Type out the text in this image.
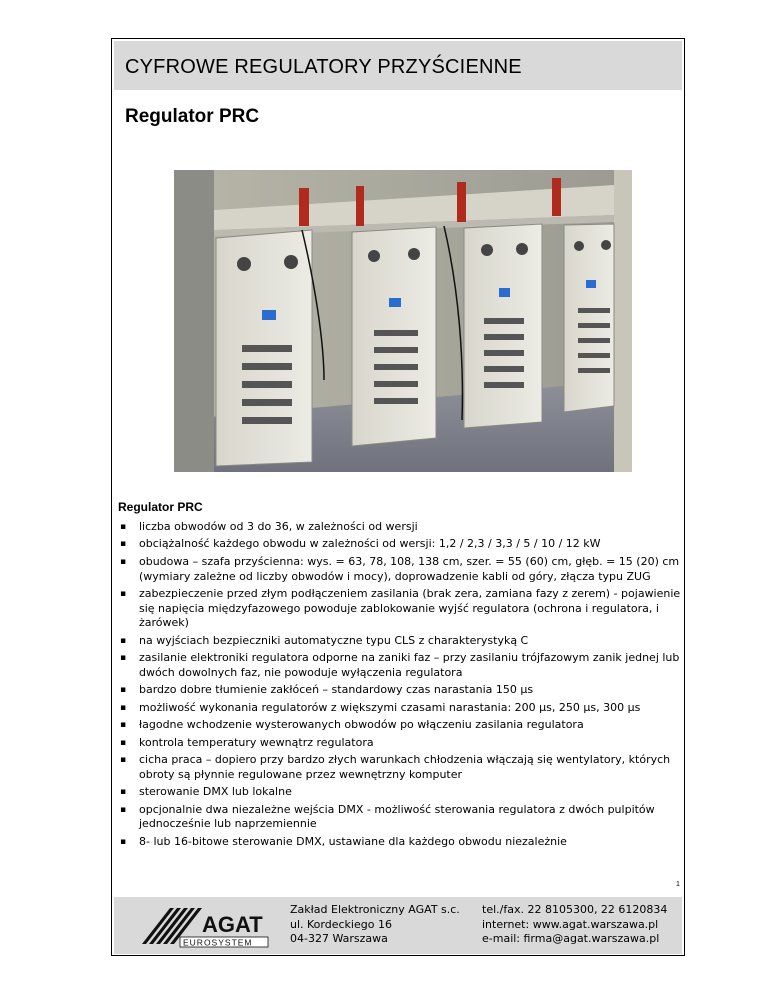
CYFROWE REGULATORY PRZYŚCIENNE
Regulator PRC
Regulator PRC
▪ liczba obwodów od 3 do 36, w zależności od wersji
▪ obciążalność każdego obwodu w zależności od wersji: 1,2 / 2,3 / 3,3 / 5 / 10 / 12 kW
▪ obudowa – szafa przyścienna: wys. = 63, 78, 108, 138 cm, szer. = 55 (60) cm, głęb. = 15 (20) cm (wymiary zależne od liczby obwodów i mocy), doprowadzenie kabli od góry, złącza typu ZUG
▪ zabezpieczenie przed złym podłączeniem zasilania (brak zera, zamiana fazy z zerem) - pojawienie się napięcia międzyfazowego powoduje zablokowanie wyjść regulatora (ochrona i regulatora, i żarówek)
▪ na wyjściach bezpieczniki automatyczne typu CLS z charakterystyką C
▪ zasilanie elektroniki regulatora odporne na zaniki faz – przy zasilaniu trójfazowym zanik jednej lub dwóch dowolnych faz, nie powoduje wyłączenia regulatora
▪ bardzo dobre tłumienie zakłóceń – standardowy czas narastania 150 µs
▪ możliwość wykonania regulatorów z większymi czasami narastania: 200 µs, 250 µs, 300 µs
▪ łagodne wchodzenie wysterowanych obwodów po włączeniu zasilania regulatora
▪ kontrola temperatury wewnątrz regulatora
▪ cicha praca – dopiero przy bardzo złych warunkach chłodzenia włączają się wentylatory, których obroty są płynnie regulowane przez wewnętrzny komputer
▪ sterowanie DMX lub lokalne
▪ opcjonalnie dwa niezależne wejścia DMX - możliwość sterowania regulatora z dwóch pulpitów jednocześnie lub naprzemiennie
▪ 8- lub 16-bitowe sterowanie DMX, ustawiane dla każdego obwodu niezależnie
1
AGAT
EUROSYSTEM
Zakład Elektroniczny AGAT s.c.
ul. Kordeckiego 16
04-327 Warszawa
tel./fax. 22 8105300, 22 6120834
internet: www.agat.warszawa.pl
e-mail: firma@agat.warszawa.pl
